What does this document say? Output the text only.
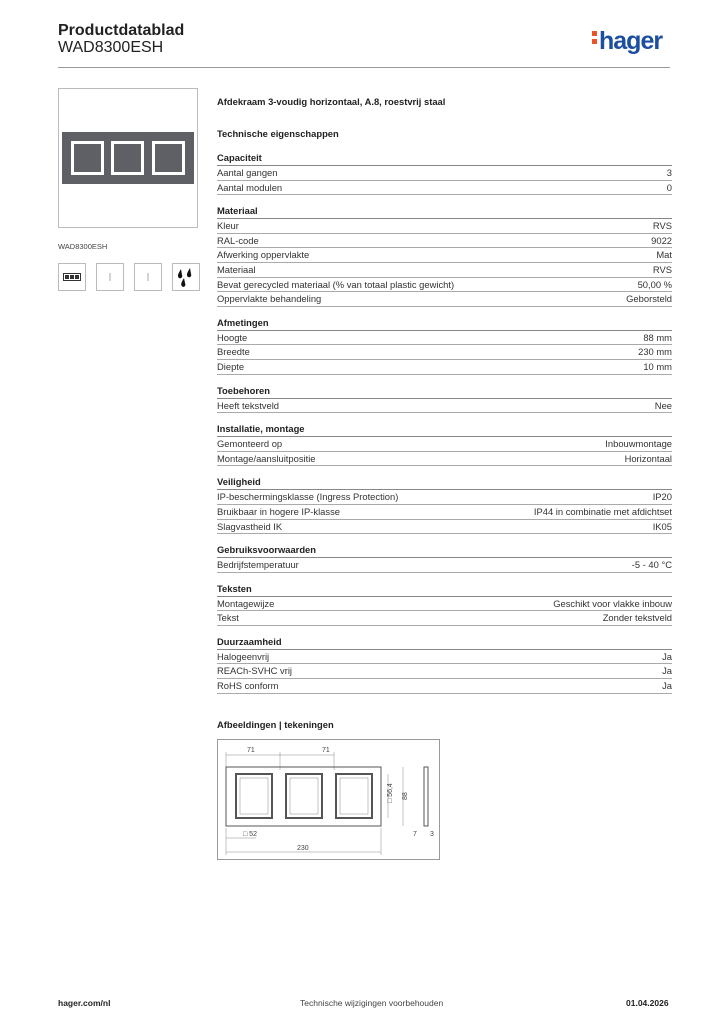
Productdatablad
WAD8300ESH	hager
WAD8300ESH
Afdekraam 3-voudig horizontaal, A.8, roestvrij staal
Technische eigenschappen
Capaciteit
Aantal gangen	3
Aantal modulen	0
Materiaal
Kleur	RVS
RAL-code	9022
Afwerking oppervlakte	Mat
Materiaal	RVS
Bevat gerecycled materiaal (% van totaal plastic gewicht)	50,00 %
Oppervlakte behandeling	Geborsteld
Afmetingen
Hoogte	88 mm
Breedte	230 mm
Diepte	10 mm
Toebehoren
Heeft tekstveld	Nee
Installatie, montage
Gemonteerd op	Inbouwmontage
Montage/aansluitpositie	Horizontaal
Veiligheid
IP-beschermingsklasse (Ingress Protection)	IP20
Bruikbaar in hogere IP-klasse	IP44 in combinatie met afdichtset
Slagvastheid IK	IK05
Gebruiksvoorwaarden
Bedrijfstemperatuur	-5 - 40 °C
Teksten
Montagewijze	Geschikt voor vlakke inbouw
Tekst	Zonder tekstveld
Duurzaamheid
Halogeenvrij	Ja
REACh-SVHC vrij	Ja
RoHS conform	Ja
Afbeeldingen | tekeningen
71	71
□ 56,4 88
□ 52
230
7 3
hager.com/nl	Technische wijzigingen voorbehouden	01.04.2026
